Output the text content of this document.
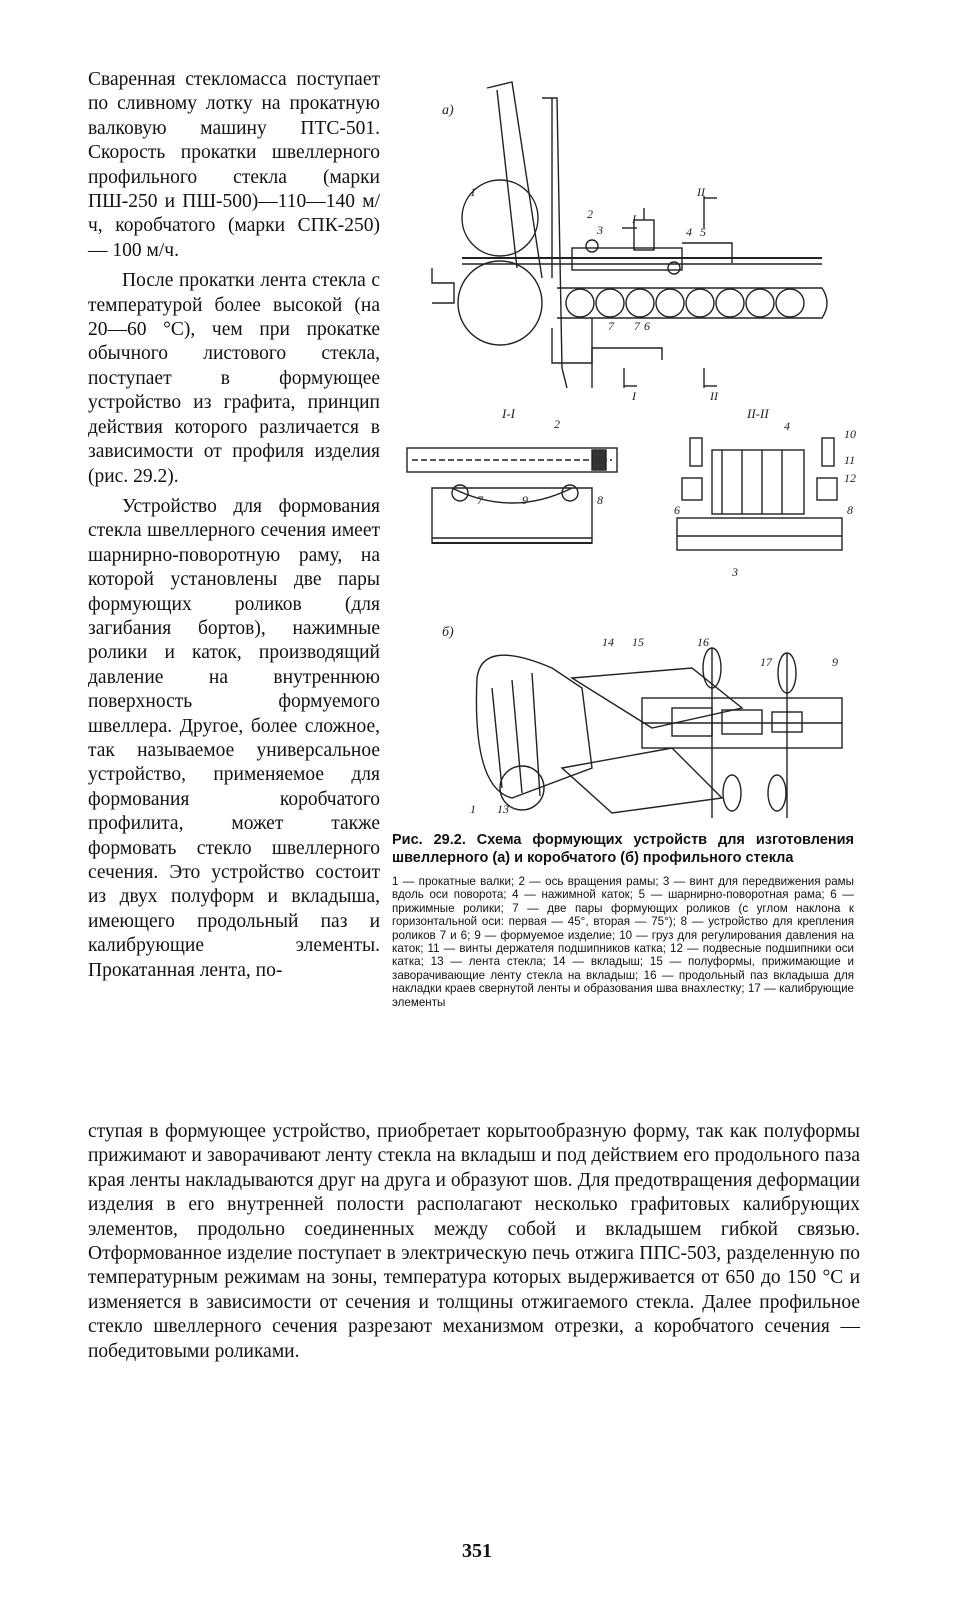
Сваренная стекломасса поступает по сливному лотку на прокатную валковую машину ПТС-501. Скорость прокатки швеллерного профильного стекла (марки ПШ-250 и ПШ-500)—110—140 м/ч, коробчатого (марки СПК-250) — 100 м/ч.

После прокатки лента стекла с температурой более высокой (на 20—60 °С), чем при прокатке обычного листового стекла, поступает в формующее устройство из графита, принцип действия которого различается в зависимости от профиля изделия (рис. 29.2).

Устройство для формования стекла швеллерного сечения имеет шарнирно-поворотную раму, на которой установлены две пары формующих роликов (для загибания бортов), нажимные ролики и каток, производящий давление на внутреннюю поверхность формуемого швеллера. Другое, более сложное, так называемое универсальное устройство, применяемое для формования коробчатого профилита, может также формовать стекло швеллерного сечения. Это устройство состоит из двух полуформ и вкладыша, имеющего продольный паз и калибрующие элементы. Прокатанная лента, по-

а)
II
I
I	II
1
2
3	4 5
7 7 6
I-I
2
7	9	8
II-II
4
10
11
12
6	8
3
б)
14 15	16
17	9
1 13
Рис. 29.2. Схема формующих устройств для изготовления швеллерного (а) и коробчатого (б) профильного стекла
1 — прокатные валки; 2 — ось вращения рамы; 3 — винт для передвижения рамы вдоль оси поворота; 4 — нажимной каток; 5 — шарнирно-поворотная рама; 6 — прижимные ролики; 7 — две пары формующих роликов (с углом наклона к горизонтальной оси: первая — 45°, вторая — 75°); 8 — устройство для крепления роликов 7 и 6; 9 — формуемое изделие; 10 — груз для регулирования давления на каток; 11 — винты держателя подшипников катка; 12 — подвесные подшипники оси катка; 13 — лента стекла; 14 — вкладыш; 15 — полуформы, прижимающие и заворачивающие ленту стекла на вкладыш; 16 — продольный паз вкладыша для накладки краев свернутой ленты и образования шва внахлестку; 17 — калибрующие элементы

ступая в формующее устройство, приобретает корытообразную форму, так как полуформы прижимают и заворачивают ленту стекла на вкладыш и под действием его продольного паза края ленты накладываются друг на друга и образуют шов. Для предотвращения деформации изделия в его внутренней полости располагают несколько графитовых калибрующих элементов, продольно соединенных между собой и вкладышем гибкой связью. Отформованное изделие поступает в электрическую печь отжига ППС-503, разделенную по температурным режимам на зоны, температура которых выдерживается от 650 до 150 °С и изменяется в зависимости от сечения и толщины отжигаемого стекла. Далее профильное стекло швеллерного сечения разрезают механизмом отрезки, а коробчатого сечения — победитовыми роликами.

351
